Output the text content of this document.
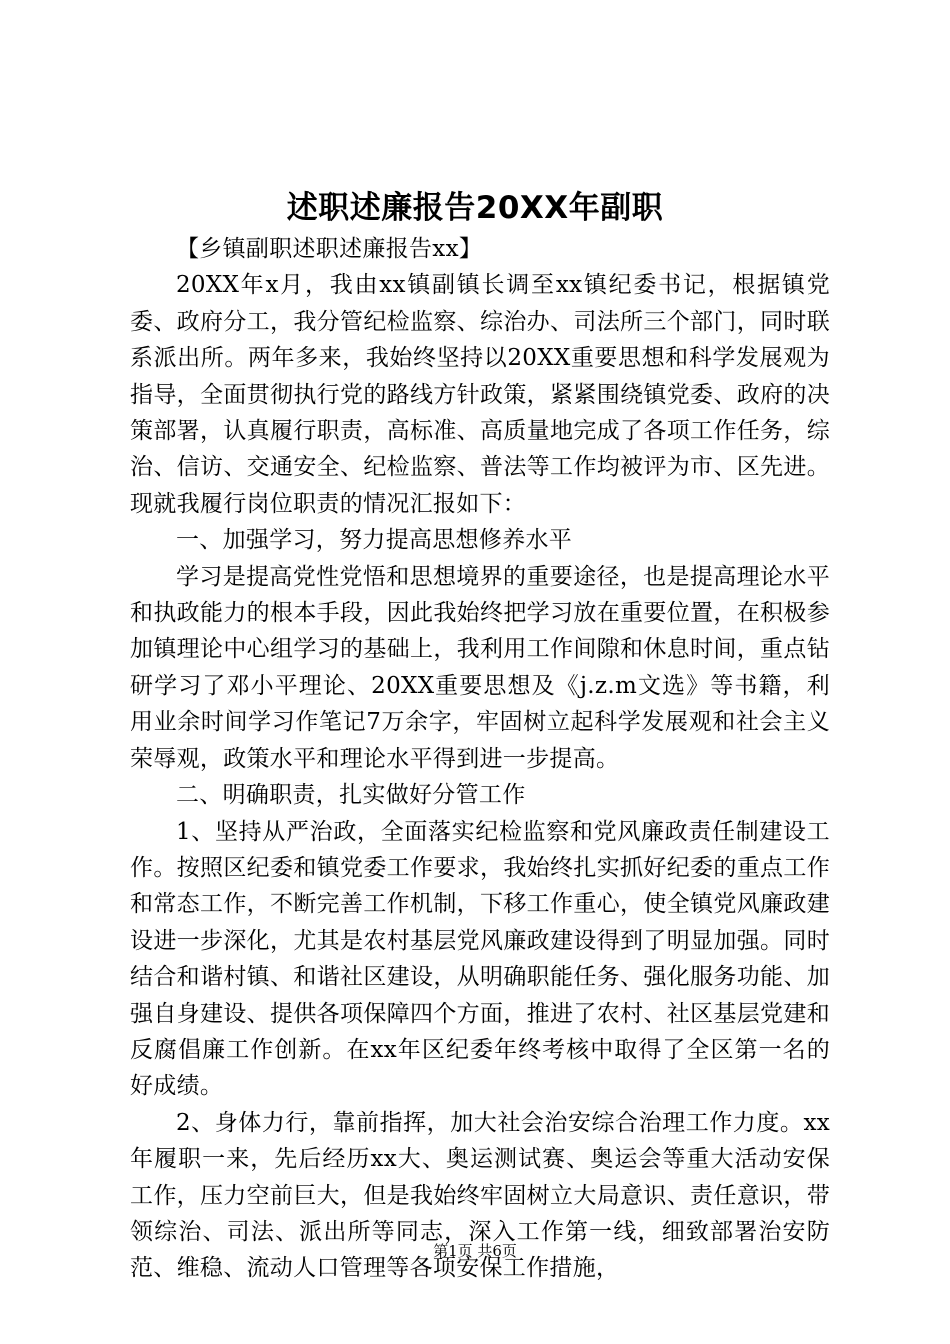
述职述廉报告20XX年副职

【乡镇副职述职述廉报告xx】

20XX年x月，我由xx镇副镇长调至xx镇纪委书记，根据镇党委、政府分工，我分管纪检监察、综治办、司法所三个部门，同时联系派出所。两年多来，我始终坚持以20XX重要思想和科学发展观为指导，全面贯彻执行党的路线方针政策，紧紧围绕镇党委、政府的决策部署，认真履行职责，高标准、高质量地完成了各项工作任务，综治、信访、交通安全、纪检监察、普法等工作均被评为市、区先进。现就我履行岗位职责的情况汇报如下：

一、加强学习，努力提高思想修养水平

学习是提高党性党悟和思想境界的重要途径，也是提高理论水平和执政能力的根本手段，因此我始终把学习放在重要位置，在积极参加镇理论中心组学习的基础上，我利用工作间隙和休息时间，重点钻研学习了邓小平理论、20XX重要思想及《j.z.m文选》等书籍，利用业余时间学习作笔记7万余字，牢固树立起科学发展观和社会主义荣辱观，政策水平和理论水平得到进一步提高。

二、明确职责，扎实做好分管工作

1、坚持从严治政，全面落实纪检监察和党风廉政责任制建设工作。按照区纪委和镇党委工作要求，我始终扎实抓好纪委的重点工作和常态工作，不断完善工作机制，下移工作重心，使全镇党风廉政建设进一步深化，尤其是农村基层党风廉政建设得到了明显加强。同时结合和谐村镇、和谐社区建设，从明确职能任务、强化服务功能、加强自身建设、提供各项保障四个方面，推进了农村、社区基层党建和反腐倡廉工作创新。在xx年区纪委年终考核中取得了全区第一名的好成绩。

2、身体力行，靠前指挥，加大社会治安综合治理工作力度。xx年履职一来，先后经历xx大、奥运测试赛、奥运会等重大活动安保工作，压力空前巨大，但是我始终牢固树立大局意识、责任意识，带领综治、司法、派出所等同志，深入工作第一线，细致部署治安防范、维稳、流动人口管理等各项安保工作措施，

第1页 共6页
